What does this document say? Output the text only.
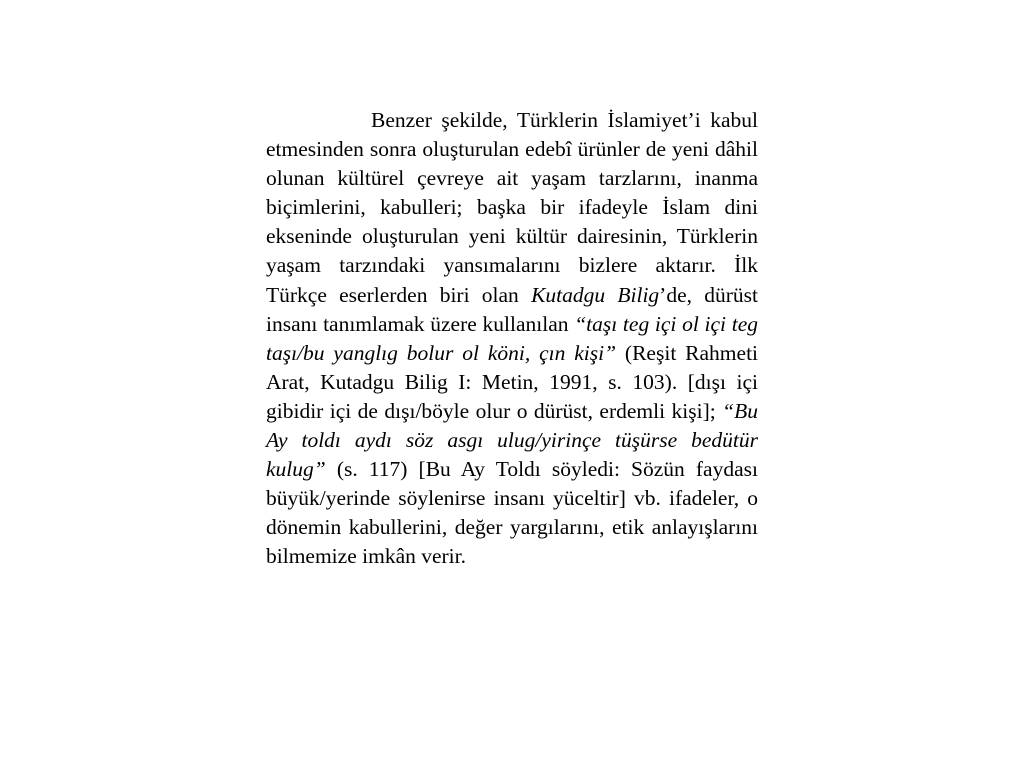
Benzer şekilde, Türklerin İslamiyet’i kabul etmesinden sonra oluşturulan edebî ürünler de yeni dâhil olunan kültürel çevreye ait yaşam tarzlarını, inanma biçimlerini, kabulleri; başka bir ifadeyle İslam dini ekseninde oluşturulan yeni kültür dairesinin, Türklerin yaşam tarzındaki yansımalarını bizlere aktarır. İlk Türkçe eserlerden biri olan Kutadgu Bilig’de, dürüst insanı tanımlamak üzere kullanılan “taşı teg içi ol içi teg taşı/bu yanglıg bolur ol köni, çın kişi” (Reşit Rahmeti Arat, Kutadgu Bilig I: Metin, 1991, s. 103). [dışı içi gibidir içi de dışı/böyle olur o dürüst, erdemli kişi]; “Bu Ay toldı aydı söz asgı ulug/yirinçe tüşürse bedütür kulug” (s. 117) [Bu Ay Toldı söyledi: Sözün faydası büyük/yerinde söylenirse insanı yüceltir] vb. ifadeler, o dönemin kabullerini, değer yargılarını, etik anlayışlarını bilmemize imkân verir.
